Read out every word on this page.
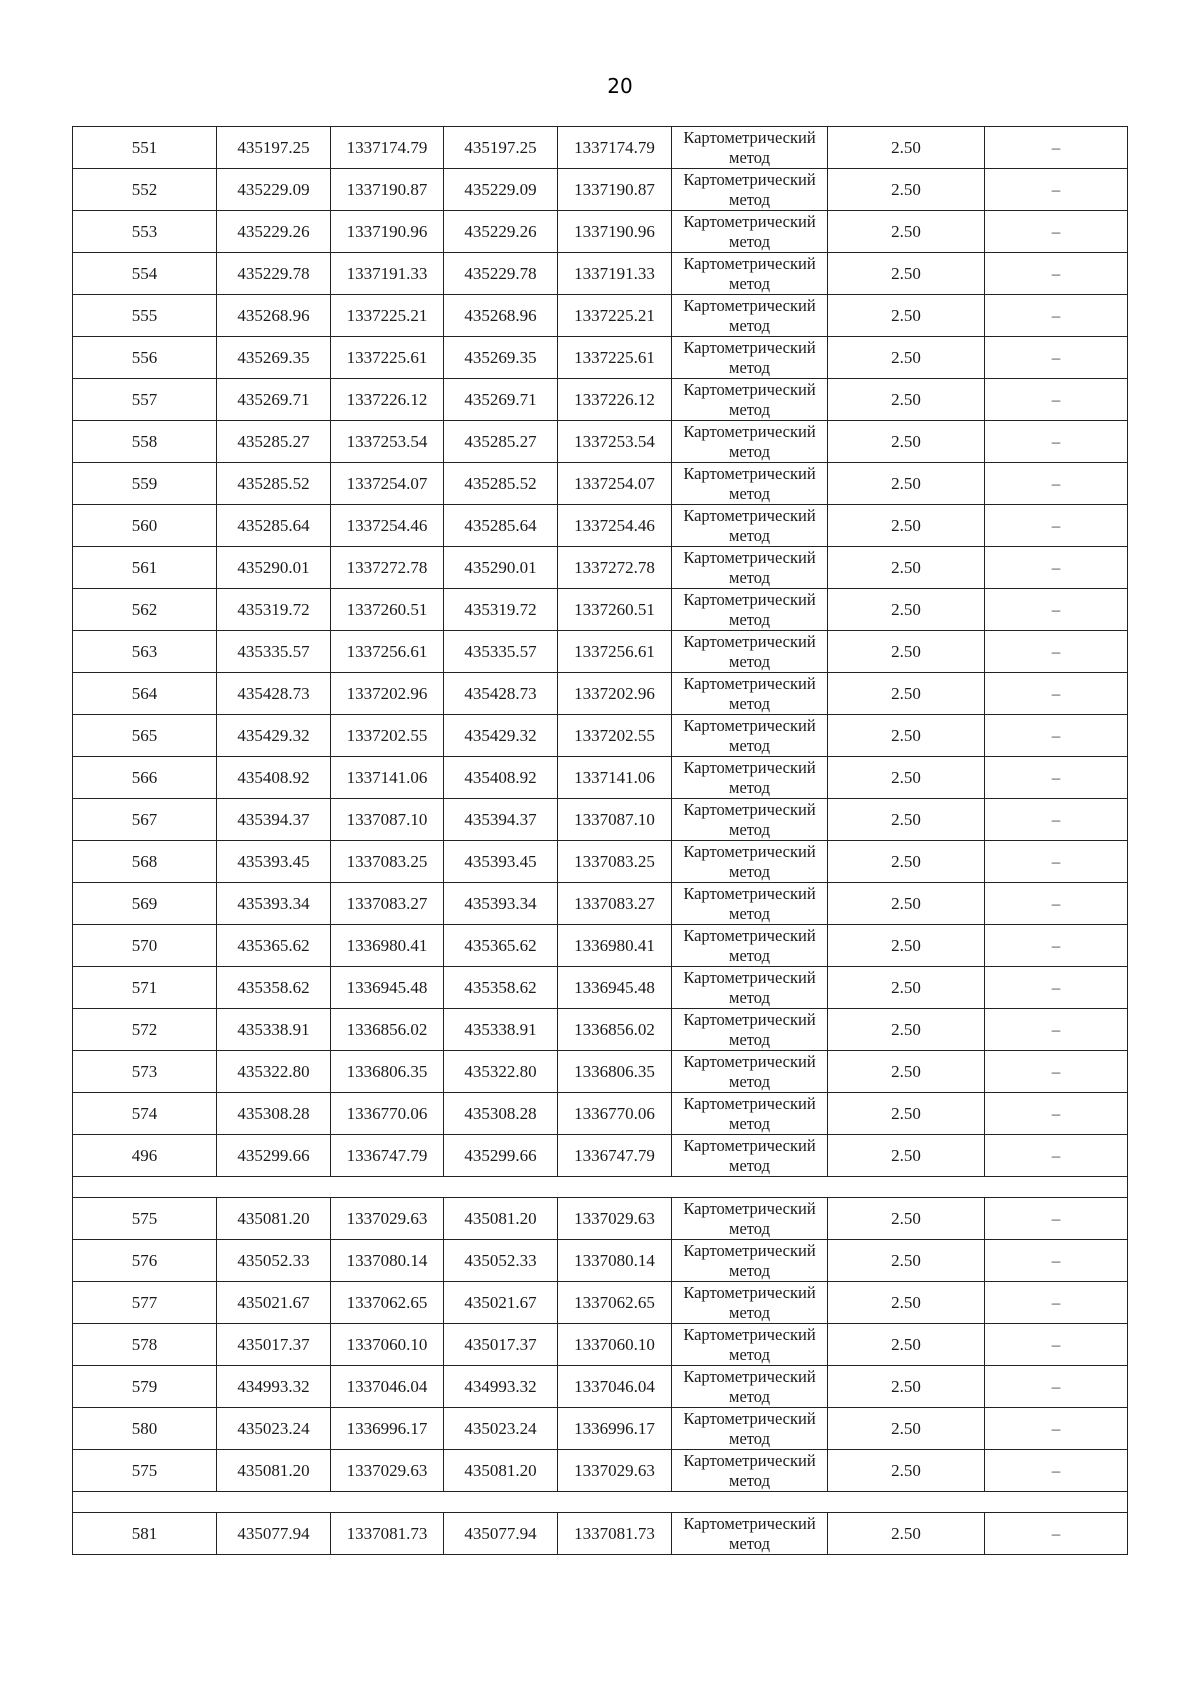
20
551	435197.25	1337174.79	435197.25	1337174.79	Картометрический метод	2.50	–
552	435229.09	1337190.87	435229.09	1337190.87	Картометрический метод	2.50	–
553	435229.26	1337190.96	435229.26	1337190.96	Картометрический метод	2.50	–
554	435229.78	1337191.33	435229.78	1337191.33	Картометрический метод	2.50	–
555	435268.96	1337225.21	435268.96	1337225.21	Картометрический метод	2.50	–
556	435269.35	1337225.61	435269.35	1337225.61	Картометрический метод	2.50	–
557	435269.71	1337226.12	435269.71	1337226.12	Картометрический метод	2.50	–
558	435285.27	1337253.54	435285.27	1337253.54	Картометрический метод	2.50	–
559	435285.52	1337254.07	435285.52	1337254.07	Картометрический метод	2.50	–
560	435285.64	1337254.46	435285.64	1337254.46	Картометрический метод	2.50	–
561	435290.01	1337272.78	435290.01	1337272.78	Картометрический метод	2.50	–
562	435319.72	1337260.51	435319.72	1337260.51	Картометрический метод	2.50	–
563	435335.57	1337256.61	435335.57	1337256.61	Картометрический метод	2.50	–
564	435428.73	1337202.96	435428.73	1337202.96	Картометрический метод	2.50	–
565	435429.32	1337202.55	435429.32	1337202.55	Картометрический метод	2.50	–
566	435408.92	1337141.06	435408.92	1337141.06	Картометрический метод	2.50	–
567	435394.37	1337087.10	435394.37	1337087.10	Картометрический метод	2.50	–
568	435393.45	1337083.25	435393.45	1337083.25	Картометрический метод	2.50	–
569	435393.34	1337083.27	435393.34	1337083.27	Картометрический метод	2.50	–
570	435365.62	1336980.41	435365.62	1336980.41	Картометрический метод	2.50	–
571	435358.62	1336945.48	435358.62	1336945.48	Картометрический метод	2.50	–
572	435338.91	1336856.02	435338.91	1336856.02	Картометрический метод	2.50	–
573	435322.80	1336806.35	435322.80	1336806.35	Картометрический метод	2.50	–
574	435308.28	1336770.06	435308.28	1336770.06	Картометрический метод	2.50	–
496	435299.66	1336747.79	435299.66	1336747.79	Картометрический метод	2.50	–

575	435081.20	1337029.63	435081.20	1337029.63	Картометрический метод	2.50	–
576	435052.33	1337080.14	435052.33	1337080.14	Картометрический метод	2.50	–
577	435021.67	1337062.65	435021.67	1337062.65	Картометрический метод	2.50	–
578	435017.37	1337060.10	435017.37	1337060.10	Картометрический метод	2.50	–
579	434993.32	1337046.04	434993.32	1337046.04	Картометрический метод	2.50	–
580	435023.24	1336996.17	435023.24	1336996.17	Картометрический метод	2.50	–
575	435081.20	1337029.63	435081.20	1337029.63	Картометрический метод	2.50	–

581	435077.94	1337081.73	435077.94	1337081.73	Картометрический метод	2.50	–
